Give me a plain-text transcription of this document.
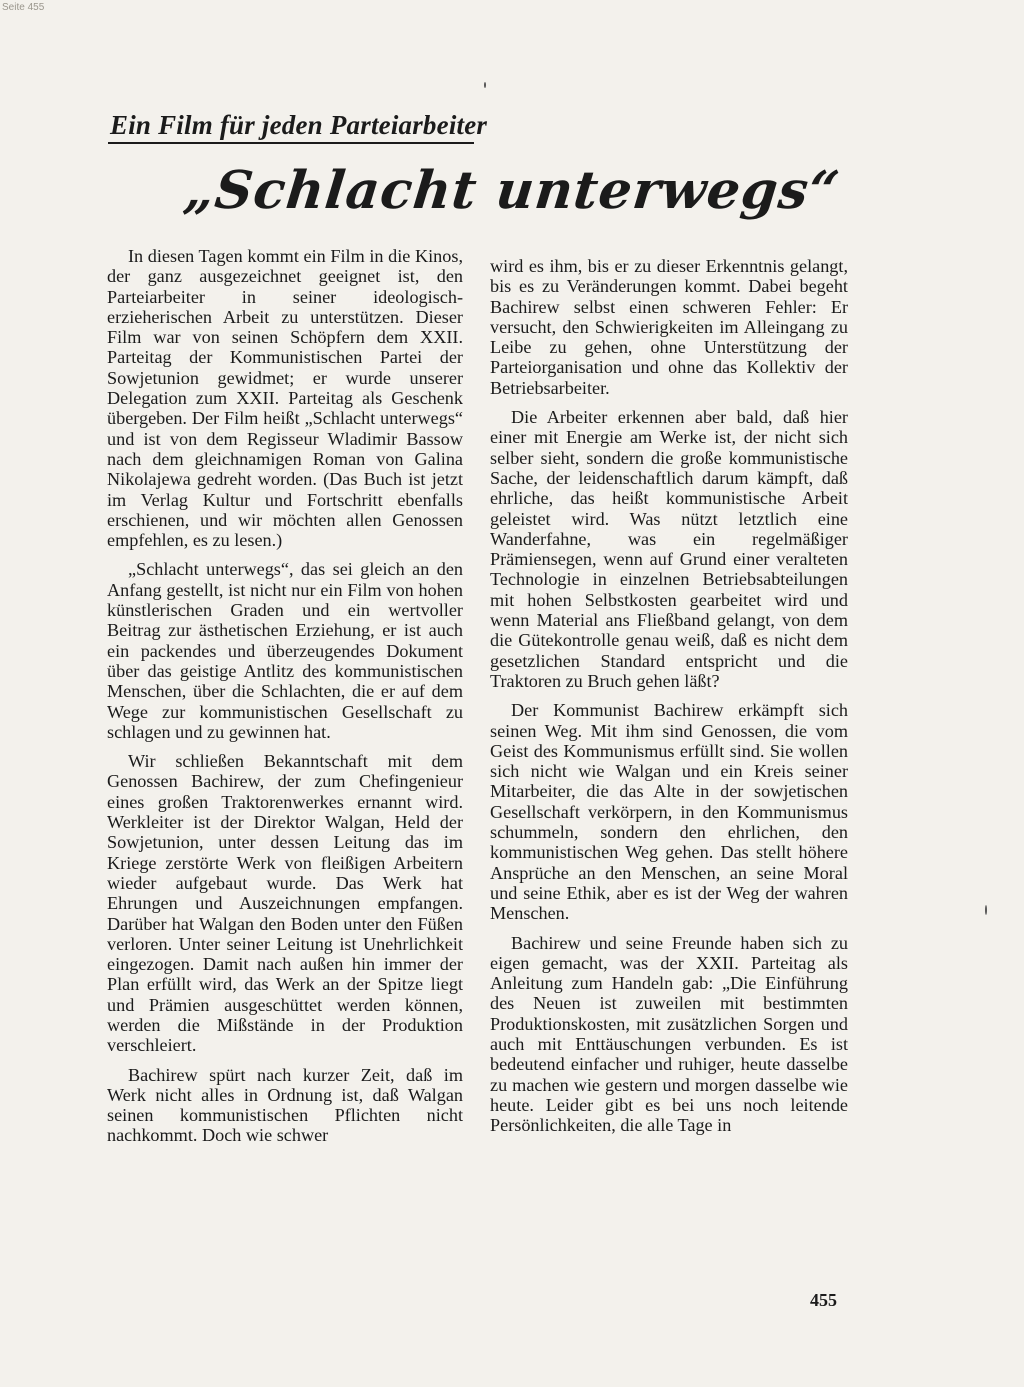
Ein Film für jeden Parteiarbeiter
„Schlacht unterwegs“

In diesen Tagen kommt ein Film in die Kinos, der ganz ausgezeichnet geeignet ist, den Parteiarbeiter in seiner ideologisch-erzieherischen Arbeit zu unterstützen. Dieser Film war von seinen Schöpfern dem XXII. Parteitag der Kommunistischen Partei der Sowjetunion gewidmet; er wurde unserer Delegation zum XXII. Parteitag als Geschenk übergeben. Der Film heißt „Schlacht unterwegs“ und ist von dem Regisseur Wladimir Bassow nach dem gleichnamigen Roman von Galina Nikolajewa gedreht worden. (Das Buch ist jetzt im Verlag Kultur und Fortschritt ebenfalls erschienen, und wir möchten allen Genossen empfehlen, es zu lesen.)

„Schlacht unterwegs“, das sei gleich an den Anfang gestellt, ist nicht nur ein Film von hohen künstlerischen Graden und ein wertvoller Beitrag zur ästhetischen Erziehung, er ist auch ein packendes und überzeugendes Dokument über das geistige Antlitz des kommunistischen Menschen, über die Schlachten, die er auf dem Wege zur kommunistischen Gesellschaft zu schlagen und zu gewinnen hat.

Wir schließen Bekanntschaft mit dem Genossen Bachirew, der zum Chefingenieur eines großen Traktorenwerkes ernannt wird. Werkleiter ist der Direktor Walgan, Held der Sowjetunion, unter dessen Leitung das im Kriege zerstörte Werk von fleißigen Arbeitern wieder aufgebaut wurde. Das Werk hat Ehrungen und Auszeichnungen empfangen. Darüber hat Walgan den Boden unter den Füßen verloren. Unter seiner Leitung ist Unehrlichkeit eingezogen. Damit nach außen hin immer der Plan erfüllt wird, das Werk an der Spitze liegt und Prämien ausgeschüttet werden können, werden die Mißstände in der Produktion verschleiert.

Bachirew spürt nach kurzer Zeit, daß im Werk nicht alles in Ordnung ist, daß Walgan seinen kommunistischen Pflichten nicht nachkommt. Doch wie schwer

wird es ihm, bis er zu dieser Erkenntnis gelangt, bis es zu Veränderungen kommt. Dabei begeht Bachirew selbst einen schweren Fehler: Er versucht, den Schwierigkeiten im Alleingang zu Leibe zu gehen, ohne Unterstützung der Parteiorganisation und ohne das Kollektiv der Betriebsarbeiter.

Die Arbeiter erkennen aber bald, daß hier einer mit Energie am Werke ist, der nicht sich selber sieht, sondern die große kommunistische Sache, der leidenschaftlich darum kämpft, daß ehrliche, das heißt kommunistische Arbeit geleistet wird. Was nützt letztlich eine Wanderfahne, was ein regelmäßiger Prämiensegen, wenn auf Grund einer veralteten Technologie in einzelnen Betriebsabteilungen mit hohen Selbstkosten gearbeitet wird und wenn Material ans Fließband gelangt, von dem die Gütekontrolle genau weiß, daß es nicht dem gesetzlichen Standard entspricht und die Traktoren zu Bruch gehen läßt?

Der Kommunist Bachirew erkämpft sich seinen Weg. Mit ihm sind Genossen, die vom Geist des Kommunismus erfüllt sind. Sie wollen sich nicht wie Walgan und ein Kreis seiner Mitarbeiter, die das Alte in der sowjetischen Gesellschaft verkörpern, in den Kommunismus schummeln, sondern den ehrlichen, den kommunistischen Weg gehen. Das stellt höhere Ansprüche an den Menschen, an seine Moral und seine Ethik, aber es ist der Weg der wahren Menschen.

Bachirew und seine Freunde haben sich zu eigen gemacht, was der XXII. Parteitag als Anleitung zum Handeln gab: „Die Einführung des Neuen ist zuweilen mit bestimmten Produktionskosten, mit zusätzlichen Sorgen und auch mit Enttäuschungen verbunden. Es ist bedeutend einfacher und ruhiger, heute dasselbe zu machen wie gestern und morgen dasselbe wie heute. Leider gibt es bei uns noch leitende Persönlichkeiten, die alle Tage in

455
Seite 455
